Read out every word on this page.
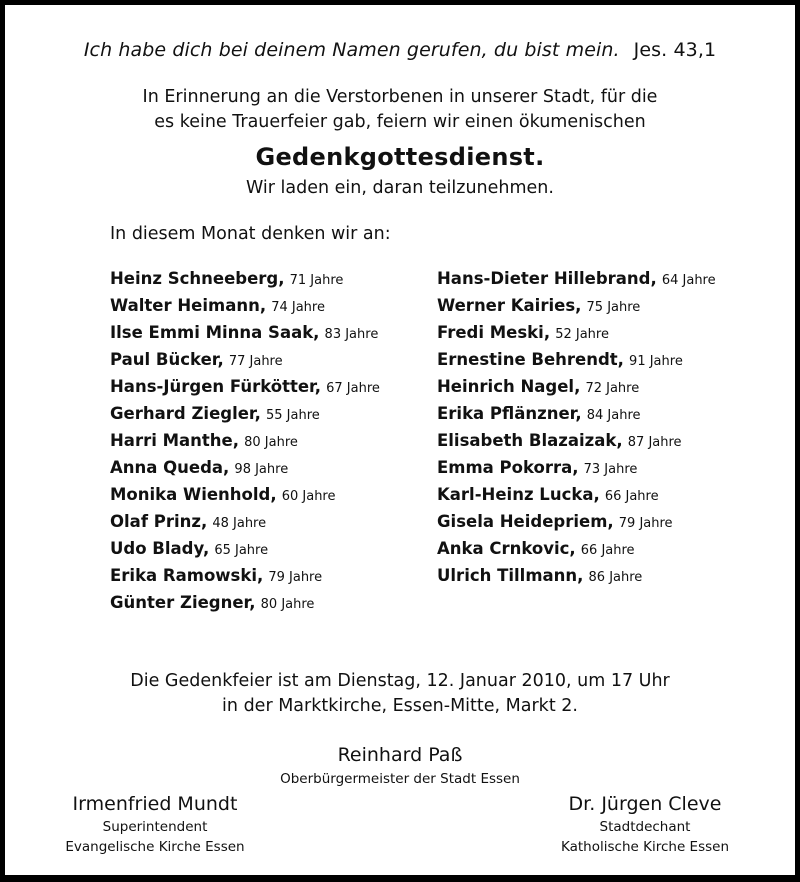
Ich habe dich bei deinem Namen gerufen, du bist mein. Jes. 43,1
In Erinnerung an die Verstorbenen in unserer Stadt, für die
es keine Trauerfeier gab, feiern wir einen ökumenischen
Gedenkgottesdienst.
Wir laden ein, daran teilzunehmen.
In diesem Monat denken wir an:
Heinz Schneeberg, 71 Jahre
Walter Heimann, 74 Jahre
Ilse Emmi Minna Saak, 83 Jahre
Paul Bücker, 77 Jahre
Hans-Jürgen Fürkötter, 67 Jahre
Gerhard Ziegler, 55 Jahre
Harri Manthe, 80 Jahre
Anna Queda, 98 Jahre
Monika Wienhold, 60 Jahre
Olaf Prinz, 48 Jahre
Udo Blady, 65 Jahre
Erika Ramowski, 79 Jahre
Günter Ziegner, 80 Jahre
Hans-Dieter Hillebrand, 64 Jahre
Werner Kairies, 75 Jahre
Fredi Meski, 52 Jahre
Ernestine Behrendt, 91 Jahre
Heinrich Nagel, 72 Jahre
Erika Pflänzner, 84 Jahre
Elisabeth Blazaizak, 87 Jahre
Emma Pokorra, 73 Jahre
Karl-Heinz Lucka, 66 Jahre
Gisela Heidepriem, 79 Jahre
Anka Crnkovic, 66 Jahre
Ulrich Tillmann, 86 Jahre
Die Gedenkfeier ist am Dienstag, 12. Januar 2010, um 17 Uhr
in der Marktkirche, Essen-Mitte, Markt 2.
Reinhard Paß
Oberbürgermeister der Stadt Essen
Irmenfried Mundt
Superintendent
Evangelische Kirche Essen
Dr. Jürgen Cleve
Stadtdechant
Katholische Kirche Essen
